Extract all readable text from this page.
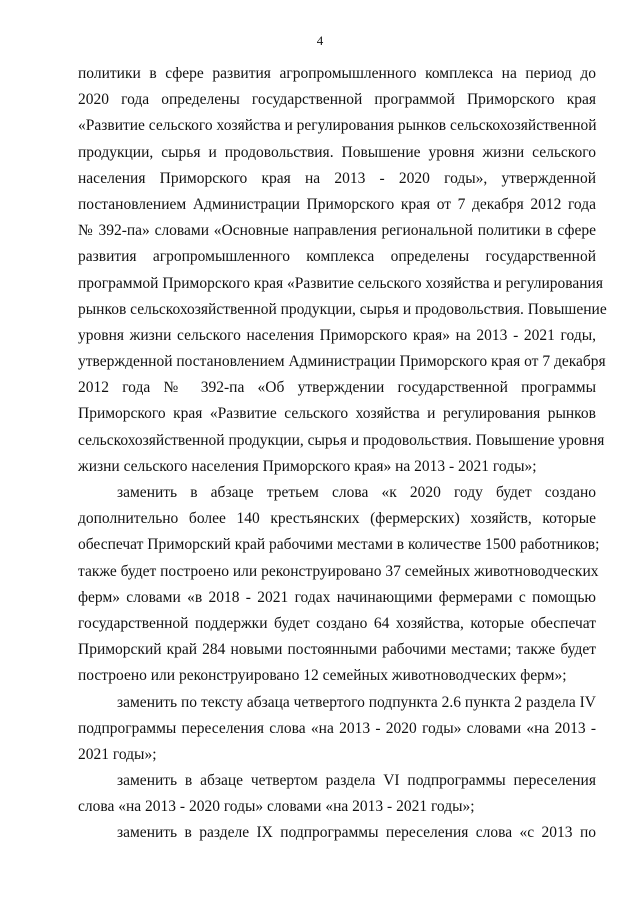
4
политики в сфере развития агропромышленного комплекса на период до
2020 года определены государственной программой Приморского края
«Развитие сельского хозяйства и регулирования рынков сельскохозяйственной
продукции, сырья и продовольствия. Повышение уровня жизни сельского
населения Приморского края на 2013 - 2020 годы», утвержденной
постановлением Администрации Приморского края от 7 декабря 2012 года
№ 392-па» словами «Основные направления региональной политики в сфере
развития агропромышленного комплекса определены государственной
программой Приморского края «Развитие сельского хозяйства и регулирования
рынков сельскохозяйственной продукции, сырья и продовольствия. Повышение
уровня жизни сельского населения Приморского края» на 2013 - 2021 годы,
утвержденной постановлением Администрации Приморского края от 7 декабря
2012 года № 392-па «Об утверждении государственной программы
Приморского края «Развитие сельского хозяйства и регулирования рынков
сельскохозяйственной продукции, сырья и продовольствия. Повышение уровня
жизни сельского населения Приморского края» на 2013 - 2021 годы»;
заменить в абзаце третьем слова «к 2020 году будет создано
дополнительно более 140 крестьянских (фермерских) хозяйств, которые
обеспечат Приморский край рабочими местами в количестве 1500 работников;
также будет построено или реконструировано 37 семейных животноводческих
ферм» словами «в 2018 - 2021 годах начинающими фермерами с помощью
государственной поддержки будет создано 64 хозяйства, которые обеспечат
Приморский край 284 новыми постоянными рабочими местами; также будет
построено или реконструировано 12 семейных животноводческих ферм»;
заменить по тексту абзаца четвертого подпункта 2.6 пункта 2 раздела IV
подпрограммы переселения слова «на 2013 - 2020 годы» словами «на 2013 -
2021 годы»;
заменить в абзаце четвертом раздела VI подпрограммы переселения
слова «на 2013 - 2020 годы» словами «на 2013 - 2021 годы»;
заменить в разделе IX подпрограммы переселения слова «с 2013 по
